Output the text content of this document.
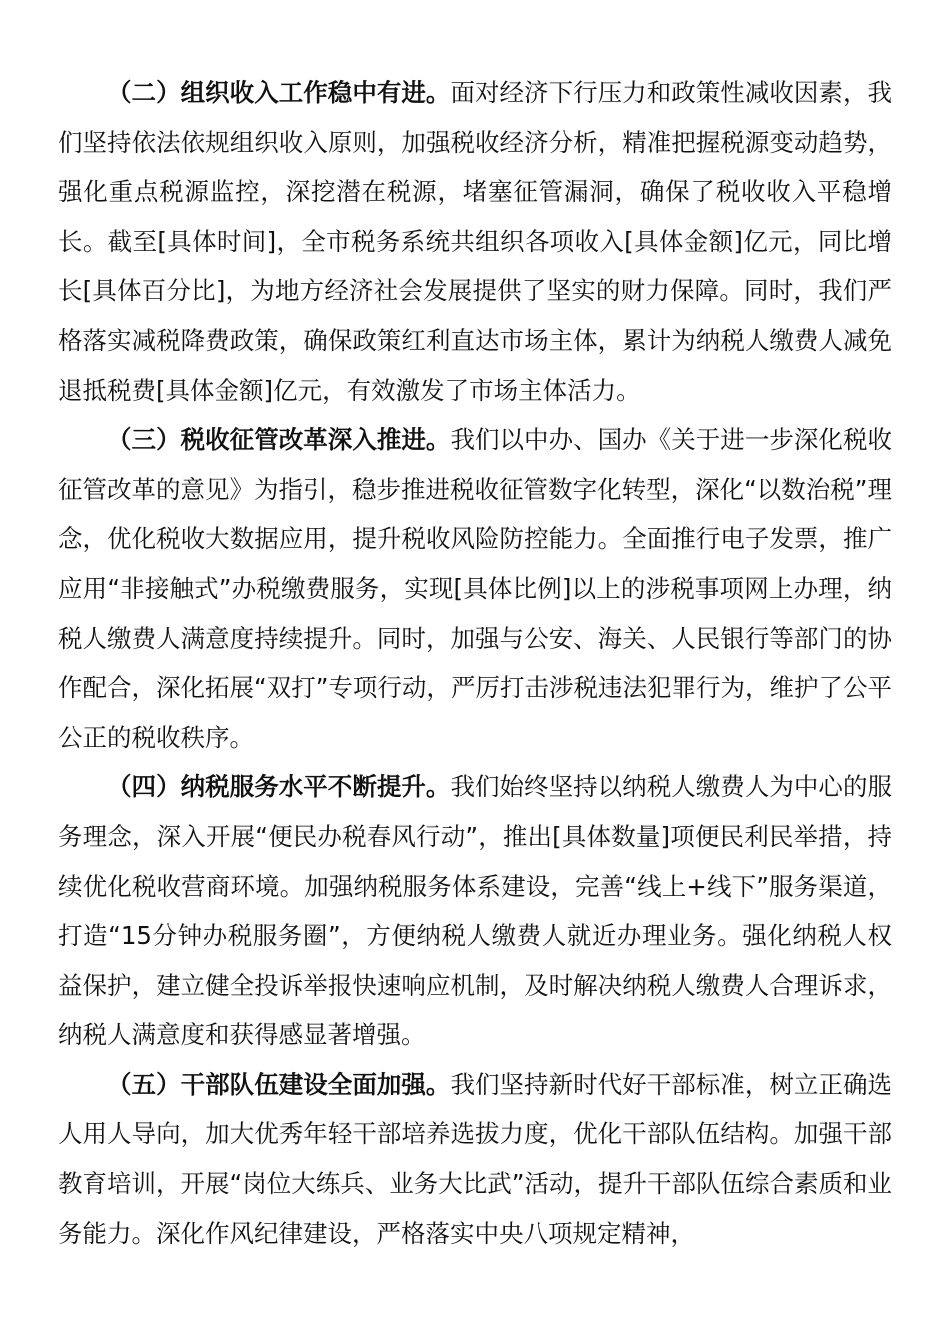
（二）组织收入工作稳中有进。面对经济下行压力和政策性减收因素，我们坚持依法依规组织收入原则，加强税收经济分析，精准把握税源变动趋势，强化重点税源监控，深挖潜在税源，堵塞征管漏洞，确保了税收收入平稳增长。截至[具体时间]，全市税务系统共组织各项收入[具体金额]亿元，同比增长[具体百分比]，为地方经济社会发展提供了坚实的财力保障。同时，我们严格落实减税降费政策，确保政策红利直达市场主体，累计为纳税人缴费人减免退抵税费[具体金额]亿元，有效激发了市场主体活力。

（三）税收征管改革深入推进。我们以中办、国办《关于进一步深化税收征管改革的意见》为指引，稳步推进税收征管数字化转型，深化“以数治税”理念，优化税收大数据应用，提升税收风险防控能力。全面推行电子发票，推广应用“非接触式”办税缴费服务，实现[具体比例]以上的涉税事项网上办理，纳税人缴费人满意度持续提升。同时，加强与公安、海关、人民银行等部门的协作配合，深化拓展“双打”专项行动，严厉打击涉税违法犯罪行为，维护了公平公正的税收秩序。

（四）纳税服务水平不断提升。我们始终坚持以纳税人缴费人为中心的服务理念，深入开展“便民办税春风行动”，推出[具体数量]项便民利民举措，持续优化税收营商环境。加强纳税服务体系建设，完善“线上+线下”服务渠道，打造“15分钟办税服务圈”，方便纳税人缴费人就近办理业务。强化纳税人权益保护，建立健全投诉举报快速响应机制，及时解决纳税人缴费人合理诉求，纳税人满意度和获得感显著增强。

（五）干部队伍建设全面加强。我们坚持新时代好干部标准，树立正确选人用人导向，加大优秀年轻干部培养选拔力度，优化干部队伍结构。加强干部教育培训，开展“岗位大练兵、业务大比武”活动，提升干部队伍综合素质和业务能力。深化作风纪律建设，严格落实中央八项规定精神，
